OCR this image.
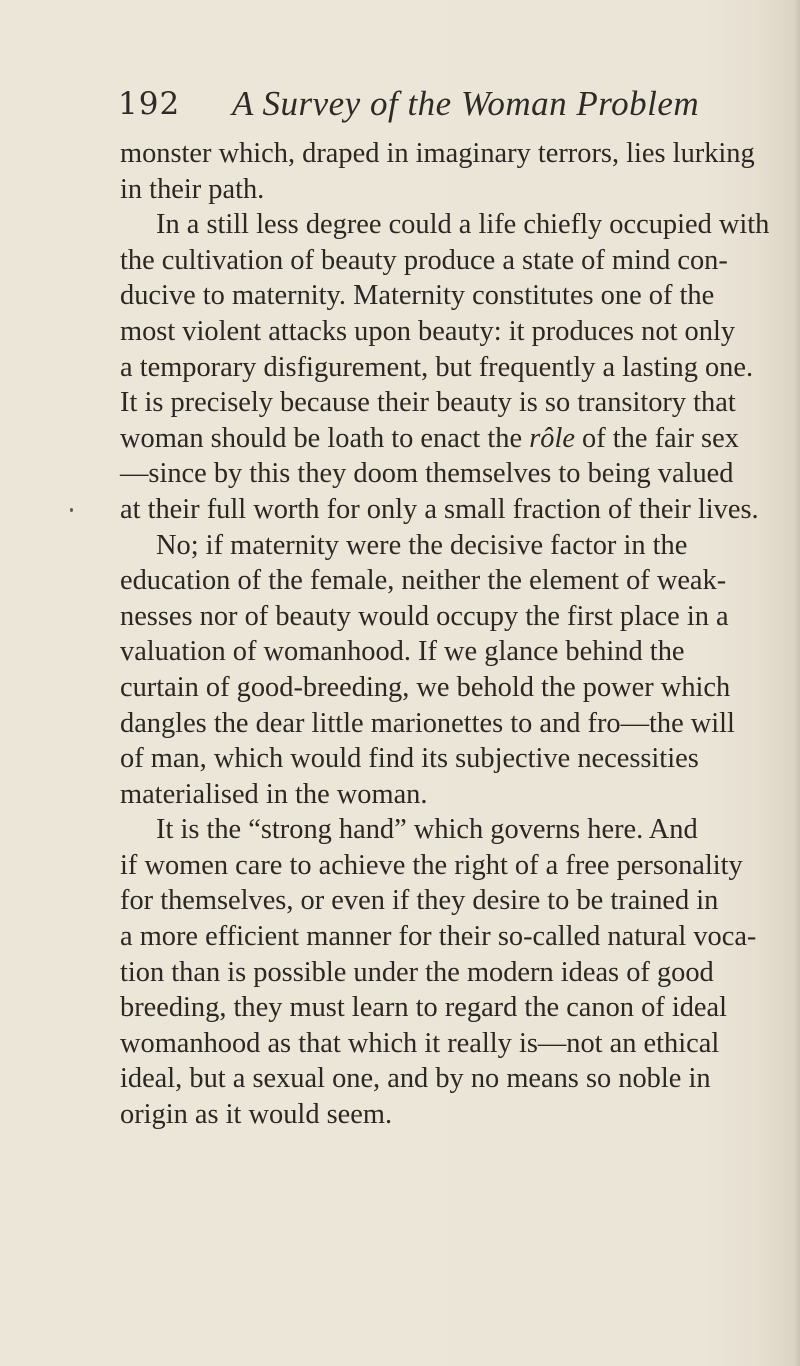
192 A Survey of the Woman Problem
monster which, draped in imaginary terrors, lies lurking
in their path.
In a still less degree could a life chiefly occupied with
the cultivation of beauty produce a state of mind con-
ducive to maternity. Maternity constitutes one of the
most violent attacks upon beauty: it produces not only
a temporary disfigurement, but frequently a lasting one.
It is precisely because their beauty is so transitory that
woman should be loath to enact the rôle of the fair sex
—since by this they doom themselves to being valued
at their full worth for only a small fraction of their lives.
No; if maternity were the decisive factor in the
education of the female, neither the element of weak-
nesses nor of beauty would occupy the first place in a
valuation of womanhood. If we glance behind the
curtain of good-breeding, we behold the power which
dangles the dear little marionettes to and fro—the will
of man, which would find its subjective necessities
materialised in the woman.
It is the “strong hand” which governs here. And
if women care to achieve the right of a free personality
for themselves, or even if they desire to be trained in
a more efficient manner for their so-called natural voca-
tion than is possible under the modern ideas of good
breeding, they must learn to regard the canon of ideal
womanhood as that which it really is—not an ethical
ideal, but a sexual one, and by no means so noble in
origin as it would seem.
